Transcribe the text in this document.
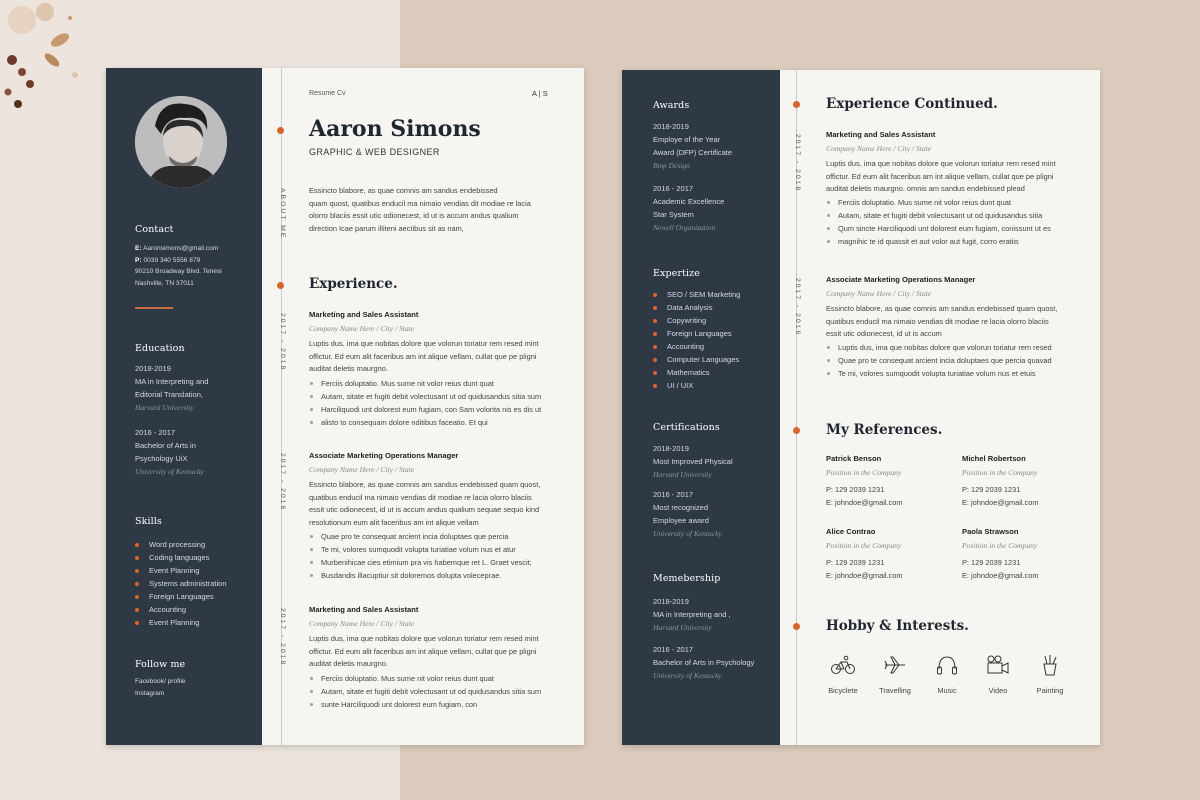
Contact
E: Aaronsimons@gmail.com
P: 0039 340 5556 879
90210 Broadway Blvd. Tenesi
Nashville, TN 37011
Education
2018-2019
MA in Interpreting and
Editorial Translation,
Harvard University
2016 - 2017
Bachelor of Arts in
Psychology UiX
University of Kentucky
Skills
Word processing
Coding languages
Event Planning
Systems administration
Foreign Languages
Accounting
Event Planning
Follow me
Facebook/ profile
Instagram
ABOUT ME
2017 - 2018
2017 - 2016
2017 - 2018
Resume Cv	A | S
Aaron Simons
GRAPHIC & WEB DESIGNER
Essincto blabore, as quae comnis am sandus endebissed
quam quost, quatibus enducil ma nimaio vendias dit modiae re lacia
olorro blaciis essit utic odionecest, id ut is accum andus qualium
direction Icae parum illiteni aectibus sit as nam,
Experience.
Marketing and Sales Assistant
Company Name Here / City / State
Luptis dus, ima que nobitas dolore que volorun toriatur rem resed mint
offictur. Ed eum alit faceribus am int alique vellam, cullat que pe pligni
auditat deletis maurgno.
Ferciis doluptatio. Mus sume nit volor reius dunt quat
Autam, sitate et fugiti debit volectusant ut od quidusandus sitia sum
Harciliquodi unt dolorest eum fugiam, con Sam volorita nis es dis ut
alisto to consequam dolore nditibus faceatio. Et qui
Associate Marketing Operations Manager
Company Name Here / City / State
Essincto blabore, as quae comnis am sandus endebissed quam quost,
quatibus enducil ma nimaio vendias dit modiae re lacia olorro blaciis
essit utic odionecest, id ut is accum andus qualium sequae sequo kind
resolutionum eum alit faceribus am int alique vellam
Quae pro te consequat arcient incia doluptaes que percia
Te mi, volores sumquodit volupta turiatiae volum nus et atur
Murbenihicae cies etimium pra vis habemque ret L. Graet vescit;
Busdandis illacuptiur sit doloremos dolupta volecepraе.
Marketing and Sales Assistant
Company Name Here / City / State
Luptis dus, ima que nobitas dolore que volorun toriatur rem resed mint
offictur. Ed eum alit faceribus am int alique vellam, cullat que pe pligni
auditat deletis maurgno.
Ferciis doluptatio. Mus sume nit volor reius dunt quat
Autam, sitate et fugiti debit volectusant ut od quidusandus sitia sum
sunte Harciliquodi unt dolorest eum fugiam, con
Awards
2018-2019
Employe of the Year
Award (DFP) Certificate
Bmp Design
2016 - 2017
Academic Excellence
Star System
Newell Organization
Expertize
SEO / SEM Marketing
Data Analysis
Copywriting
Foreign Languages
Accounting
Computer Languages
Mathematics
UI / UIX
Certifications
2018-2019
Most Improved Physical
Harvard University
2016 - 2017
Most recognized
Employee award
University of Kentucky
Memebership
2018-2019
MA in Interpreting and ,
Harvard University
2016 - 2017
Bachelor of Arts in Psychology
University of Kentucky
2017 - 2018
2017 - 2016
Experience Continued.
Marketing and Sales Assistant
Company Name Here / City / State
Luptis dus, ima que nobitas dolore que volorun toriatur rem resed mint
offictur. Ed eum alit faceribus am int alique vellam, cullat que pe pligni
auditat deletis maurgno. omnis am sandus endebissed plead
Ferciis doluptatio. Mus sume nit volor reius dunt quat
Autam, sitate et fugiti debit volectusant ut od quidusandus sitia
Qum sincte Harciliquodi unt dolorest eum fugiam, conissunt ut es
magnihic te id quassit et aut volor aut fugit, corro eratiis
Associate Marketing Operations Manager
Company Name Here / City / State
Essincto blabore, as quae comnis am sandus endebissed quam quost,
quatibus enducil ma nimaio vendias dit modiae re lacia olorro blaciis
essit utic odionecest, id ut is accum
Luptis dus, ima que nobitas dolore que volorun toriatur rem resed
Quae pro te consequat arcient incia doluptaes que percia quavad
Te mi, volores sumquodit volupta turiatiae volum nus et etuis
My References.
Patrick Benson
Position in the Company
P: 129 2039 1231
E: johndoe@gmail.com
Michel Robertson
Position in the Company
P: 129 2039 1231
E: johndoe@gmail.com
Alice Contrao
Position in the Company
P: 129 2039 1231
E: johndoe@gmail.com
Paola Strawson
Position in the Company
P: 129 2039 1231
E: johndoe@gmail.com
Hobby & Interests.
Bicyclete	Travelling	Music	Video	Painting
